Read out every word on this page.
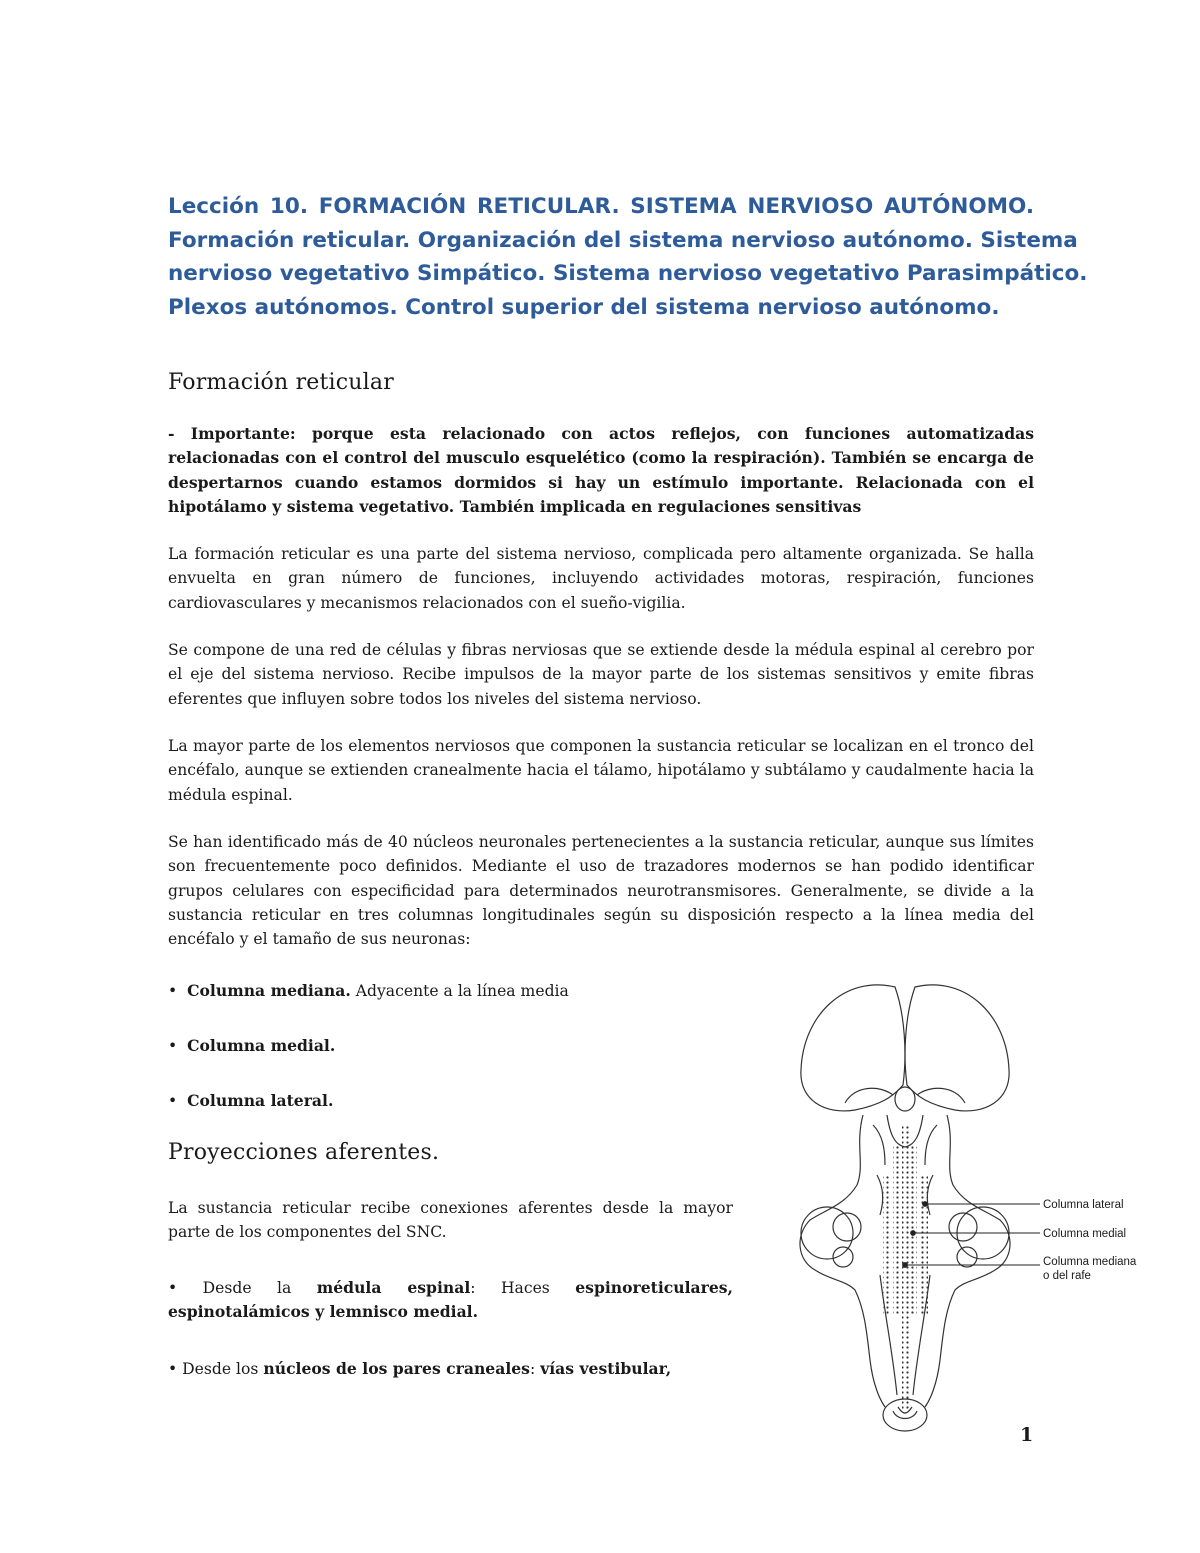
Lección 10. FORMACIÓN RETICULAR. SISTEMA NERVIOSO AUTÓNOMO.
Formación reticular. Organización del sistema nervioso autónomo. Sistema
nervioso vegetativo Simpático. Sistema nervioso vegetativo Parasimpático.
Plexos autónomos. Control superior del sistema nervioso autónomo.
Formación reticular

- Importante: porque esta relacionado con actos reflejos, con funciones automatizadas relacionadas con el control del musculo esquelético (como la respiración). También se encarga de despertarnos cuando estamos dormidos si hay un estímulo importante. Relacionada con el hipotálamo y sistema vegetativo. También implicada en regulaciones sensitivas

La formación reticular es una parte del sistema nervioso, complicada pero altamente organizada. Se halla envuelta en gran número de funciones, incluyendo actividades motoras, respiración, funciones cardiovasculares y mecanismos relacionados con el sueño-vigilia.

Se compone de una red de células y fibras nerviosas que se extiende desde la médula espinal al cerebro por el eje del sistema nervioso. Recibe impulsos de la mayor parte de los sistemas sensitivos y emite fibras eferentes que influyen sobre todos los niveles del sistema nervioso.

La mayor parte de los elementos nerviosos que componen la sustancia reticular se localizan en el tronco del encéfalo, aunque se extienden cranealmente hacia el tálamo, hipotálamo y subtálamo y caudalmente hacia la médula espinal.

Se han identificado más de 40 núcleos neuronales pertenecientes a la sustancia reticular, aunque sus límites son frecuentemente poco definidos. Mediante el uso de trazadores modernos se han podido identificar grupos celulares con especificidad para determinados neurotransmisores. Generalmente, se divide a la sustancia reticular en tres columnas longitudinales según su disposición respecto a la línea media del encéfalo y el tamaño de sus neuronas:

•  Columna mediana. Adyacente a la línea media

•  Columna medial.

•  Columna lateral.

Proyecciones aferentes.

La sustancia reticular recibe conexiones aferentes desde la mayor parte de los componentes del SNC.

• Desde la médula espinal: Haces espinoreticulares, espinotalámicos y lemnisco medial.

• Desde los núcleos de los pares craneales: vías vestibular,

Columna lateral
Columna medial
Columna mediana
o del rafe
1
